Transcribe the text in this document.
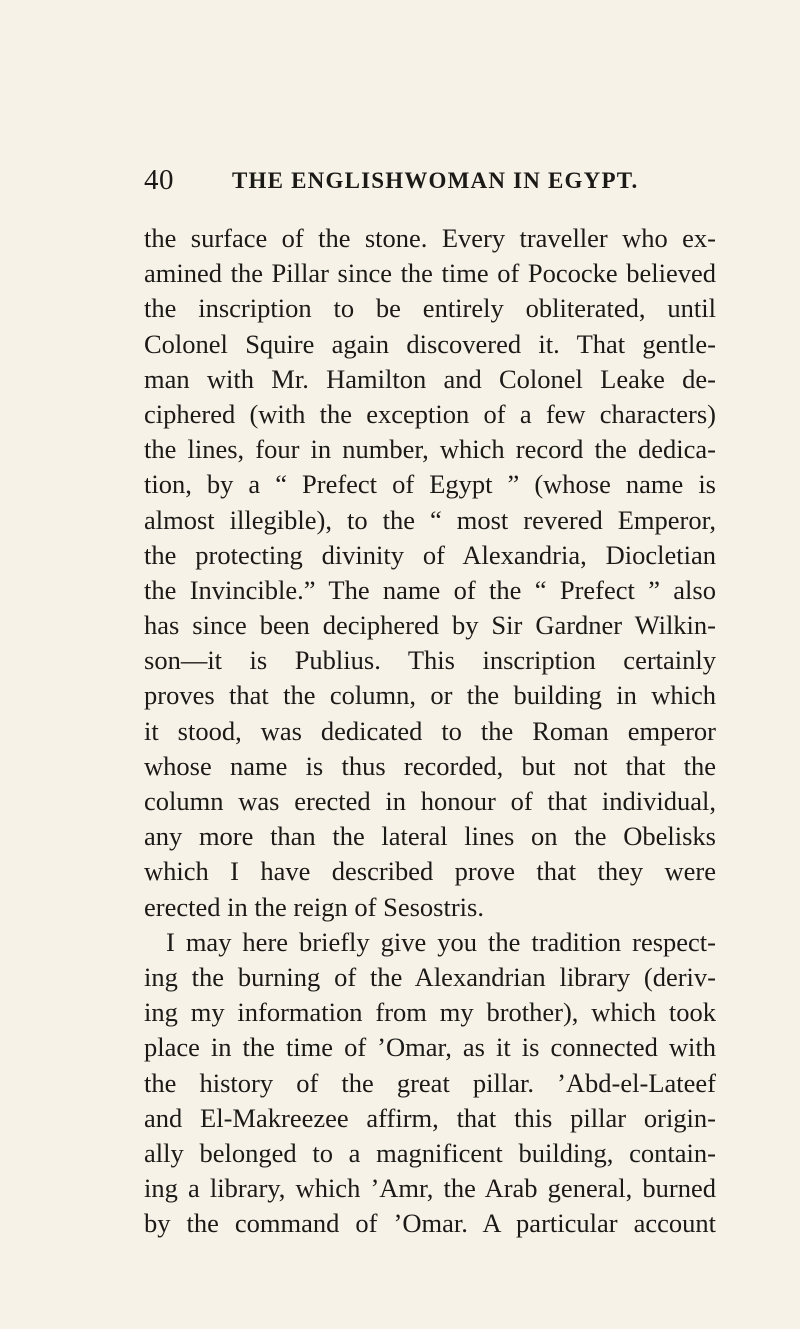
40	THE ENGLISHWOMAN IN EGYPT.
the surface of the stone. Every traveller who ex-
amined the Pillar since the time of Pococke believed
the inscription to be entirely obliterated, until
Colonel Squire again discovered it. That gentle-
man with Mr. Hamilton and Colonel Leake de-
ciphered (with the exception of a few characters)
the lines, four in number, which record the dedica-
tion, by a “ Prefect of Egypt ” (whose name is
almost illegible), to the “ most revered Emperor,
the protecting divinity of Alexandria, Diocletian
the Invincible.” The name of the “ Prefect ” also
has since been deciphered by Sir Gardner Wilkin-
son—it is Publius. This inscription certainly
proves that the column, or the building in which
it stood, was dedicated to the Roman emperor
whose name is thus recorded, but not that the
column was erected in honour of that individual,
any more than the lateral lines on the Obelisks
which I have described prove that they were
erected in the reign of Sesostris.
I may here briefly give you the tradition respect-
ing the burning of the Alexandrian library (deriv-
ing my information from my brother), which took
place in the time of ’Omar, as it is connected with
the history of the great pillar. ’Abd-el-Lateef
and El-Makreezee affirm, that this pillar origin-
ally belonged to a magnificent building, contain-
ing a library, which ’Amr, the Arab general, burned
by the command of ’Omar. A particular account
